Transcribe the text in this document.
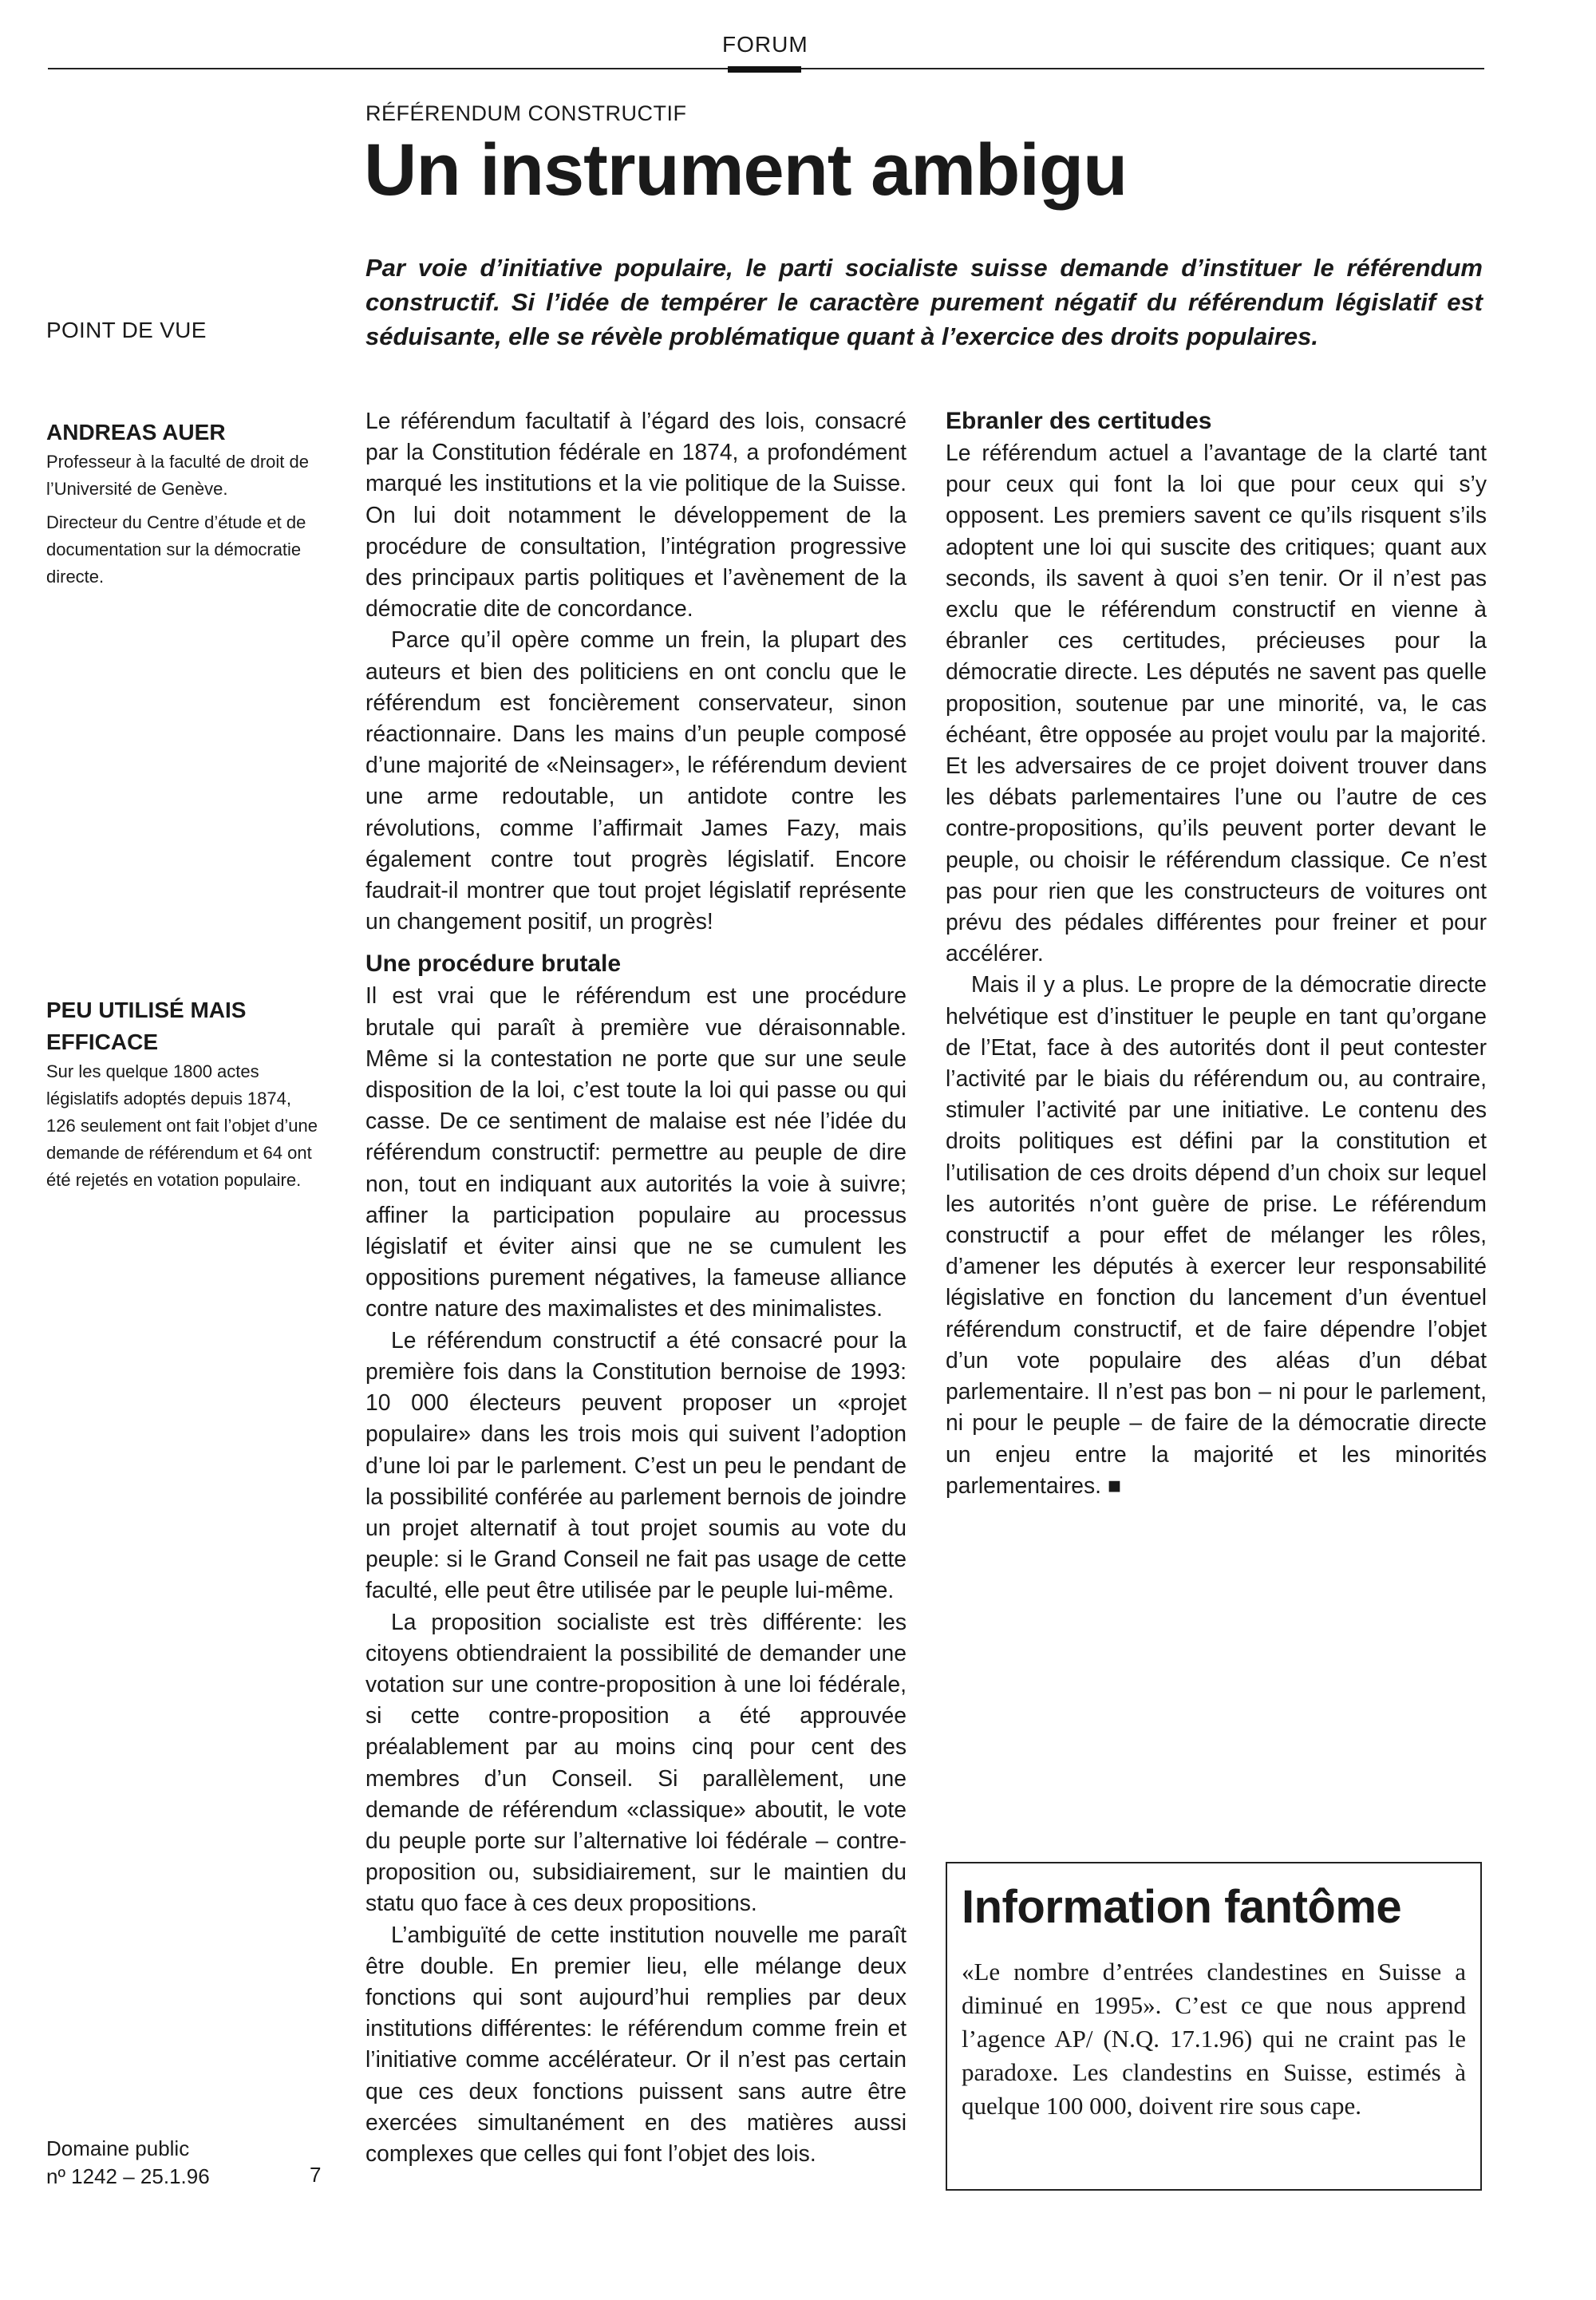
FORUM
RÉFÉRENDUM CONSTRUCTIF
Un instrument ambigu

Par voie d’initiative populaire, le parti socialiste suisse demande d’instituer le référendum constructif. Si l’idée de tempérer le caractère purement négatif du référendum législatif est séduisante, elle se révèle problématique quant à l’exercice des droits populaires.

POINT DE VUE

ANDREAS AUER

Professeur à la faculté de droit de l’Université de Genève.

Directeur du Centre d’étude et de documentation sur la démocratie directe.

PEU UTILISÉ MAIS EFFICACE

Sur les quelque 1800 actes législatifs adoptés depuis 1874, 126 seulement ont fait l’objet d’une demande de référendum et 64 ont été rejetés en votation populaire.

Domaine public
nº 1242 – 25.1.96	7

Le référendum facultatif à l’égard des lois, consacré par la Constitution fédérale en 1874, a profondément marqué les institutions et la vie politique de la Suisse. On lui doit notamment le développement de la procédure de consultation, l’intégration progressive des principaux partis politiques et l’avènement de la démocratie dite de concordance.

Parce qu’il opère comme un frein, la plupart des auteurs et bien des politiciens en ont conclu que le référendum est foncièrement conservateur, sinon réactionnaire. Dans les mains d’un peuple composé d’une majorité de «Neinsager», le référendum devient une arme redoutable, un antidote contre les révolutions, comme l’affirmait James Fazy, mais également contre tout progrès législatif. Encore faudrait-il montrer que tout projet législatif représente un changement positif, un progrès!

Une procédure brutale

Il est vrai que le référendum est une procédure brutale qui paraît à première vue déraisonnable. Même si la contestation ne porte que sur une seule disposition de la loi, c’est toute la loi qui passe ou qui casse. De ce sentiment de malaise est née l’idée du référendum constructif: permettre au peuple de dire non, tout en indiquant aux autorités la voie à suivre; affiner la participation populaire au processus législatif et éviter ainsi que ne se cumulent les oppositions purement négatives, la fameuse alliance contre nature des maximalistes et des minimalistes.

Le référendum constructif a été consacré pour la première fois dans la Constitution bernoise de 1993: 10 000 électeurs peuvent proposer un «projet populaire» dans les trois mois qui suivent l’adoption d’une loi par le parlement. C’est un peu le pendant de la possibilité conférée au parlement bernois de joindre un projet alternatif à tout projet soumis au vote du peuple: si le Grand Conseil ne fait pas usage de cette faculté, elle peut être utilisée par le peuple lui-même.

La proposition socialiste est très différente: les citoyens obtiendraient la possibilité de demander une votation sur une contre-proposition à une loi fédérale, si cette contre-proposition a été approuvée préalablement par au moins cinq pour cent des membres d’un Conseil. Si parallèlement, une demande de référendum «classique» aboutit, le vote du peuple porte sur l’alternative loi fédérale – contre-proposition ou, subsidiairement, sur le maintien du statu quo face à ces deux propositions.

L’ambiguïté de cette institution nouvelle me paraît être double. En premier lieu, elle mélange deux fonctions qui sont aujourd’hui remplies par deux institutions différentes: le référendum comme frein et l’initiative comme accélérateur. Or il n’est pas certain que ces deux fonctions puissent sans autre être exercées simultanément en des matières aussi complexes que celles qui font l’objet des lois.

Ebranler des certitudes

Le référendum actuel a l’avantage de la clarté tant pour ceux qui font la loi que pour ceux qui s’y opposent. Les premiers savent ce qu’ils risquent s’ils adoptent une loi qui suscite des critiques; quant aux seconds, ils savent à quoi s’en tenir. Or il n’est pas exclu que le référendum constructif en vienne à ébranler ces certitudes, précieuses pour la démocratie directe. Les députés ne savent pas quelle proposition, soutenue par une minorité, va, le cas échéant, être opposée au projet voulu par la majorité. Et les adversaires de ce projet doivent trouver dans les débats parlementaires l’une ou l’autre de ces contre-propositions, qu’ils peuvent porter devant le peuple, ou choisir le référendum classique. Ce n’est pas pour rien que les constructeurs de voitures ont prévu des pédales différentes pour freiner et pour accélérer.

Mais il y a plus. Le propre de la démocratie directe helvétique est d’instituer le peuple en tant qu’organe de l’Etat, face à des autorités dont il peut contester l’activité par le biais du référendum ou, au contraire, stimuler l’activité par une initiative. Le contenu des droits politiques est défini par la constitution et l’utilisation de ces droits dépend d’un choix sur lequel les autorités n’ont guère de prise. Le référendum constructif a pour effet de mélanger les rôles, d’amener les députés à exercer leur responsabilité législative en fonction du lancement d’un éventuel référendum constructif, et de faire dépendre l’objet d’un vote populaire des aléas d’un débat parlementaire. Il n’est pas bon – ni pour le parlement, ni pour le peuple – de faire de la démocratie directe un enjeu entre la majorité et les minorités parlementaires. ■

Information fantôme

«Le nombre d’entrées clandestines en Suisse a diminué en 1995». C’est ce que nous apprend l’agence AP/ (N.Q. 17.1.96) qui ne craint pas le paradoxe. Les clandestins en Suisse, estimés à quelque 100 000, doivent rire sous cape.
